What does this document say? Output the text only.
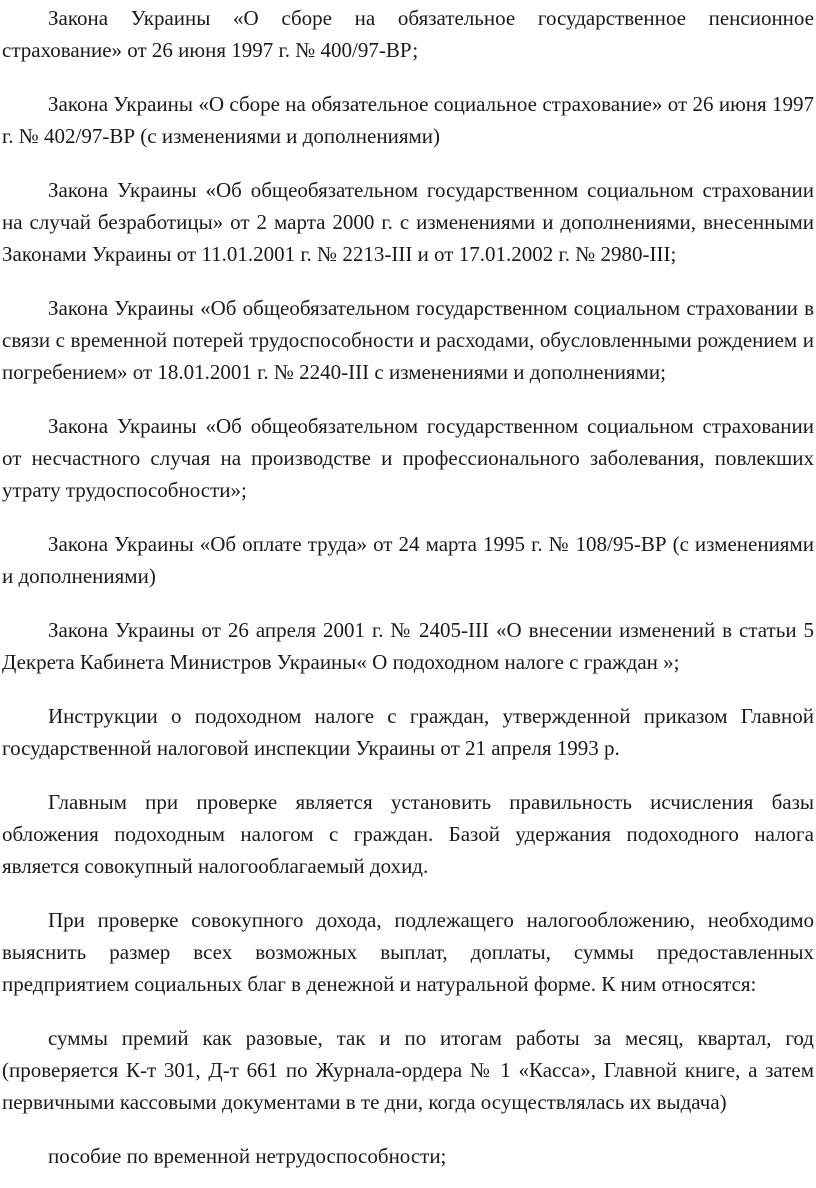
Закона Украины «О сборе на обязательное государственное пенсионное страхование» от 26 июня 1997 г. № 400/97-ВР;

Закона Украины «О сборе на обязательное социальное страхование» от 26 июня 1997 г. № 402/97-ВР (с изменениями и дополнениями)

Закона Украины «Об общеобязательном государственном социальном страховании на случай безработицы» от 2 марта 2000 г. с изменениями и дополнениями, внесенными Законами Украины от 11.01.2001 г. № 2213-III и от 17.01.2002 г. № 2980-III;

Закона Украины «Об общеобязательном государственном социальном страховании в связи с временной потерей трудоспособности и расходами, обусловленными рождением и погребением» от 18.01.2001 г. № 2240-III с изменениями и дополнениями;

Закона Украины «Об общеобязательном государственном социальном страховании от несчастного случая на производстве и профессионального заболевания, повлекших утрату трудоспособности»;

Закона Украины «Об оплате труда» от 24 марта 1995 г. № 108/95-ВР (с изменениями и дополнениями)

Закона Украины от 26 апреля 2001 г. № 2405-III «О внесении изменений в статьи 5 Декрета Кабинета Министров Украины« О подоходном налоге с граждан »;

Инструкции о подоходном налоге с граждан, утвержденной приказом Главной государственной налоговой инспекции Украины от 21 апреля 1993 р.

Главным при проверке является установить правильность исчисления базы обложения подоходным налогом с граждан. Базой удержания подоходного налога является совокупный налогооблагаемый дохид.

При проверке совокупного дохода, подлежащего налогообложению, необходимо выяснить размер всех возможных выплат, доплаты, суммы предоставленных предприятием социальных благ в денежной и натуральной форме. К ним относятся:

суммы премий как разовые, так и по итогам работы за месяц, квартал, год (проверяется К-т 301, Д-т 661 по Журнала-ордера № 1 «Касса», Главной книге, а затем первичными кассовыми документами в те дни, когда осуществлялась их выдача)

пособие по временной нетрудоспособности;
